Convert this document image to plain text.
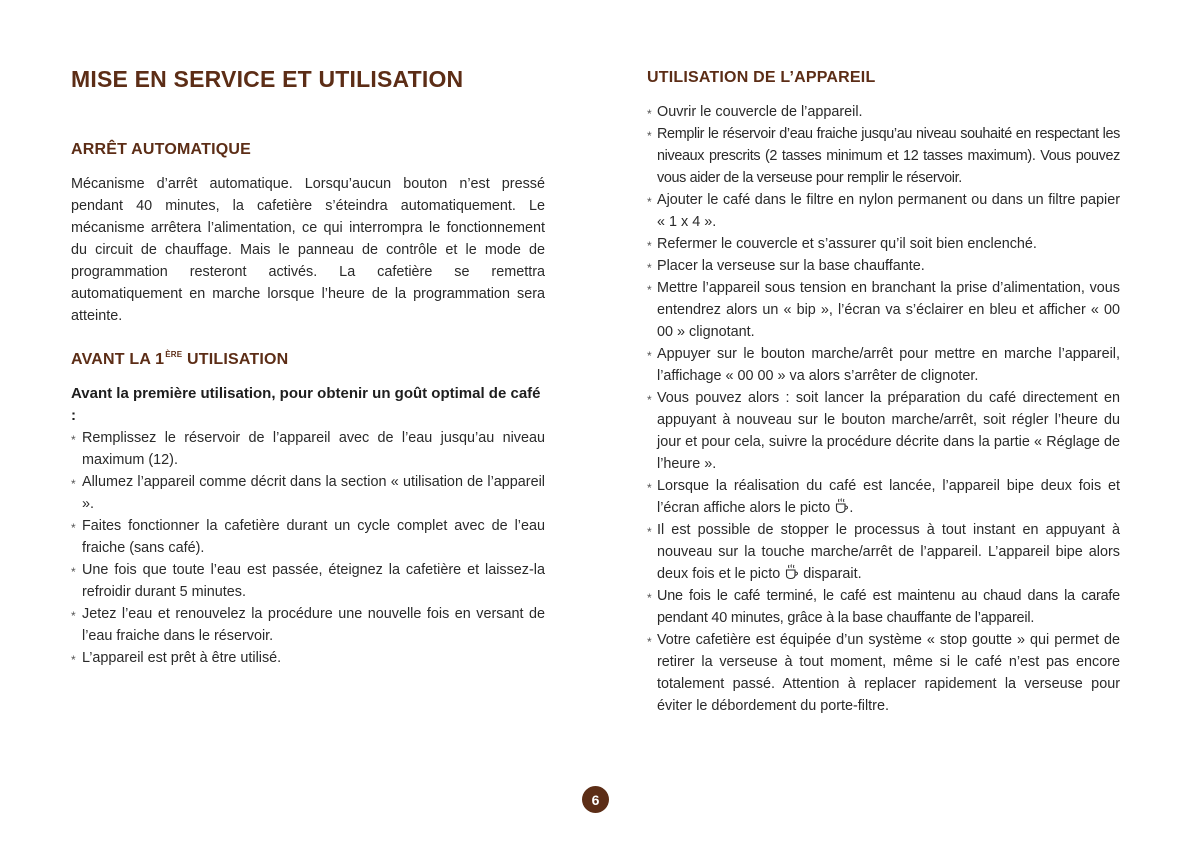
MISE EN SERVICE ET UTILISATION
ARRÊT AUTOMATIQUE

Mécanisme d’arrêt automatique. Lorsqu’aucun bouton n’est pressé pendant 40 minutes, la cafetière s’éteindra automatiquement. Le mécanisme arrêtera l’alimentation, ce qui interrompra le fonctionnement du circuit de chauffage. Mais le panneau de contrôle et le mode de programmation resteront activés. La cafetière se remettra automatiquement en marche lorsque l’heure de la programmation sera atteinte.

AVANT LA 1ÈRE UTILISATION

Avant la première utilisation, pour obtenir un goût optimal de café :

* Remplissez le réservoir de l’appareil avec de l’eau jusqu’au niveau maximum (12).
* Allumez l’appareil comme décrit dans la section « utilisation de l’appareil ».
* Faites fonctionner la cafetière durant un cycle complet avec de l’eau fraiche (sans café).
* Une fois que toute l’eau est passée, éteignez la cafetière et laissez-la refroidir durant 5 minutes.
* Jetez l’eau et renouvelez la procédure une nouvelle fois en versant de l’eau fraiche dans le réservoir.
* L’appareil est prêt à être utilisé.
UTILISATION DE L’APPAREIL
* Ouvrir le couvercle de l’appareil.
* Remplir le réservoir d’eau fraiche jusqu’au niveau souhaité en respectant les niveaux prescrits (2 tasses minimum et 12 tasses maximum). Vous pouvez vous aider de la verseuse pour remplir le réservoir.
* Ajouter le café dans le filtre en nylon permanent ou dans un filtre papier « 1 x 4 ».
* Refermer le couvercle et s’assurer qu’il soit bien enclenché.
* Placer la verseuse sur la base chauffante.
* Mettre l’appareil sous tension en branchant la prise d’alimentation, vous entendrez alors un « bip », l’écran va s’éclairer en bleu et afficher « 00 00 » clignotant.
* Appuyer sur le bouton marche/arrêt pour mettre en marche l’appareil, l’affichage « 00 00 » va alors s’arrêter de clignoter.
* Vous pouvez alors : soit lancer la préparation du café directement en appuyant à nouveau sur le bouton marche/arrêt, soit régler l’heure du jour et pour cela, suivre la procédure décrite dans la partie « Réglage de l’heure ».
* Lorsque la réalisation du café est lancée, l’appareil bipe deux fois et l’écran affiche alors le picto .
* Il est possible de stopper le processus à tout instant en appuyant à nouveau sur la touche marche/arrêt de l’appareil. L’appareil bipe alors deux fois et le picto  disparait.
* Une fois le café terminé, le café est maintenu au chaud dans la carafe pendant 40 minutes, grâce à la base chauffante de l’appareil.
* Votre cafetière est équipée d’un système « stop goutte » qui permet de retirer la verseuse à tout moment, même si le café n’est pas encore totalement passé. Attention à replacer rapidement la verseuse pour éviter le débordement du porte-filtre.
6
